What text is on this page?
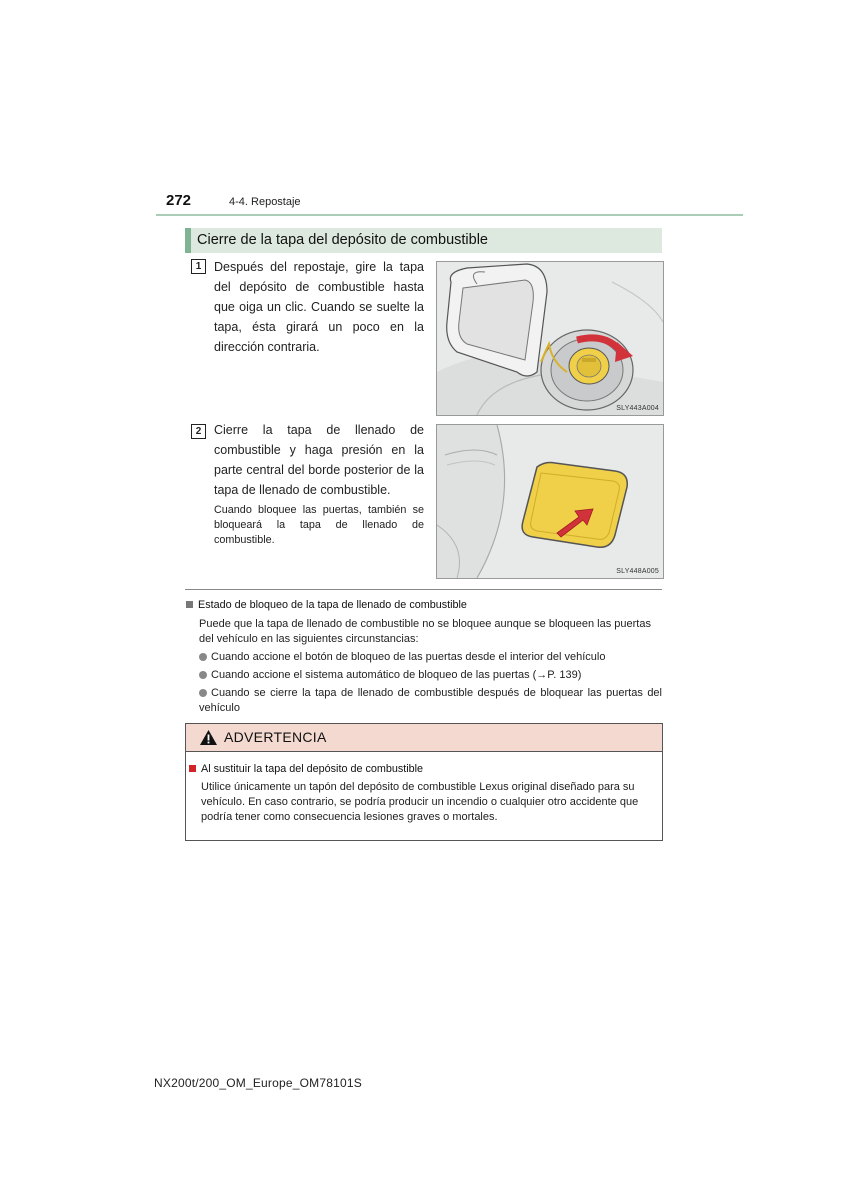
272	4-4. Repostaje
Cierre de la tapa del depósito de combustible
1	Después del repostaje, gire la tapa del depósito de combustible hasta que oiga un clic. Cuando se suelte la tapa, ésta girará un poco en la dirección contraria.
SLY443A004
2	Cierre la tapa de llenado de combustible y haga presión en la parte central del borde posterior de la tapa de llenado de combustible.
Cuando bloquee las puertas, también se bloqueará la tapa de llenado de combustible.
SLY448A005
Estado de bloqueo de la tapa de llenado de combustible
Puede que la tapa de llenado de combustible no se bloquee aunque se bloqueen las puertas del vehículo en las siguientes circunstancias:
Cuando accione el botón de bloqueo de las puertas desde el interior del vehículo
Cuando accione el sistema automático de bloqueo de las puertas (→P. 139)
Cuando se cierre la tapa de llenado de combustible después de bloquear las puertas del vehículo
ADVERTENCIA
Al sustituir la tapa del depósito de combustible
Utilice únicamente un tapón del depósito de combustible Lexus original diseñado para su vehículo. En caso contrario, se podría producir un incendio o cualquier otro accidente que podría tener como consecuencia lesiones graves o mortales.
NX200t/200_OM_Europe_OM78101S
